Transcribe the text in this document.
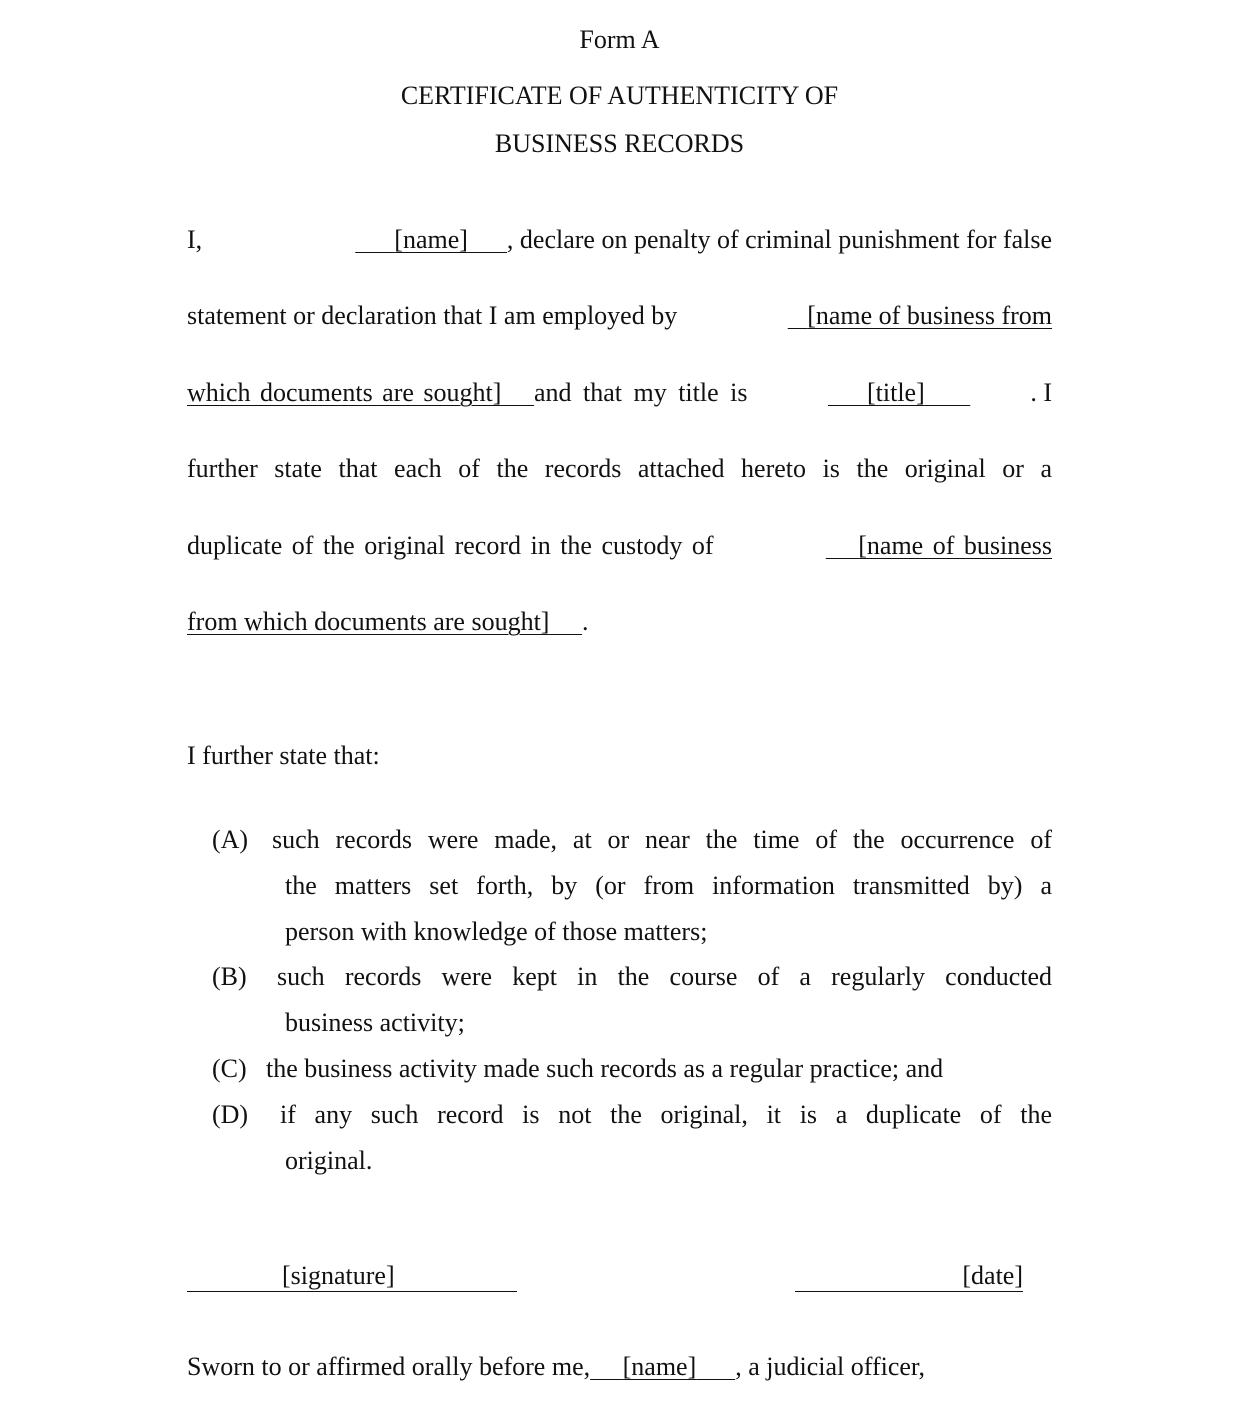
Form A
CERTIFICATE OF AUTHENTICITY OF
BUSINESS RECORDS
I,	[name] , declare on penalty of criminal punishment for false
statement or declaration that I am employed by	[name of business from
which documents are sought] and that my title is	[title]	. I
further state that each of the records attached hereto is the original or a
duplicate of the original record in the custody of	[name of business
from which documents are sought] .
I further state that:
(A) such records were made, at or near the time of the occurrence of
the matters set forth, by (or from information transmitted by) a
person with knowledge of those matters;
(B) such records were kept in the course of a regularly conducted
business activity;
(C) the business activity made such records as a regular practice; and
(D) if any such record is not the original, it is a duplicate of the
original.
[signature]	[date]
Sworn to or affirmed orally before me, [name] , a judicial officer,
